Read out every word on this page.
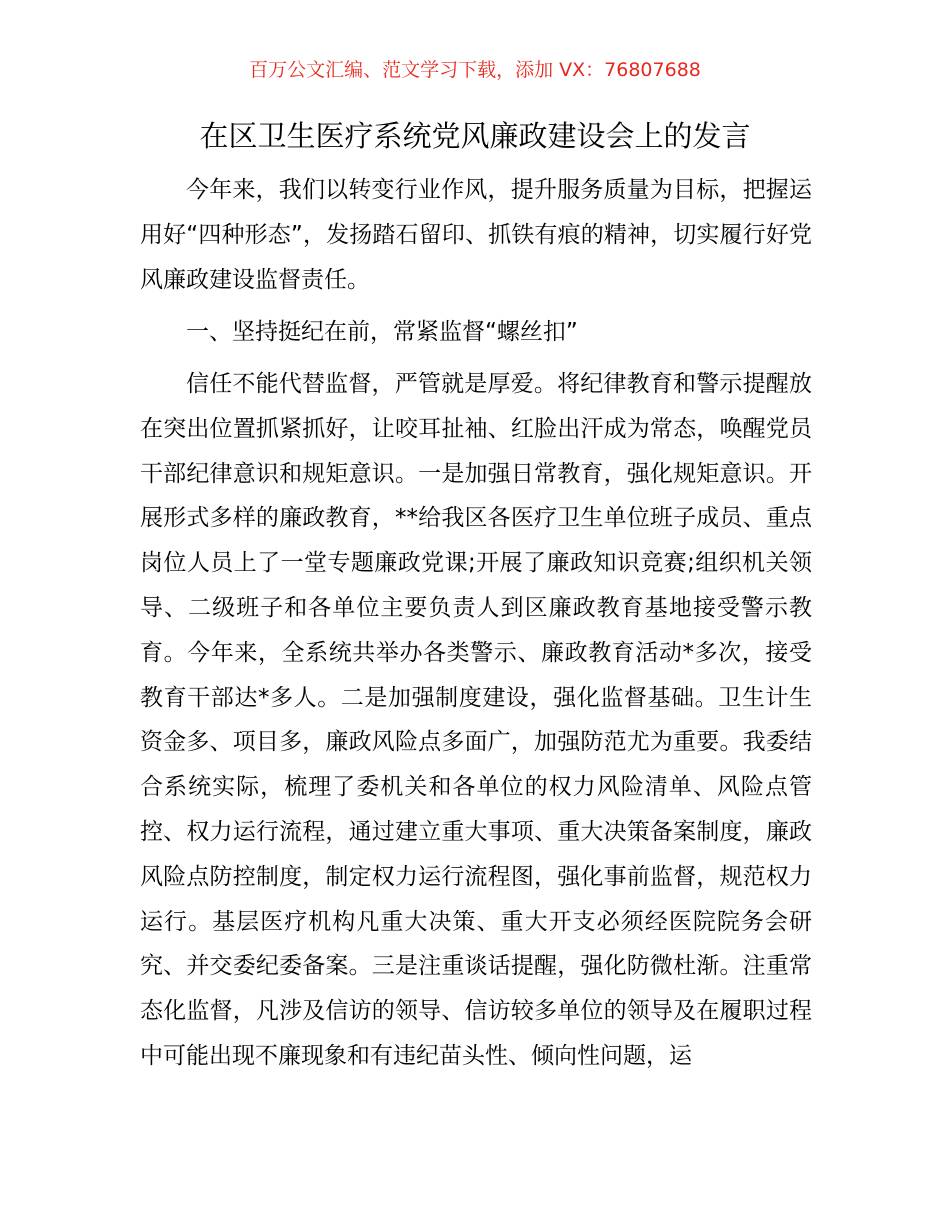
百万公文汇编、范文学习下载，添加 VX：76807688
在区卫生医疗系统党风廉政建设会上的发言

今年来，我们以转变行业作风，提升服务质量为目标，把握运用好“四种形态”，发扬踏石留印、抓铁有痕的精神，切实履行好党风廉政建设监督责任。

一、坚持挺纪在前，常紧监督“螺丝扣”

信任不能代替监督，严管就是厚爱。将纪律教育和警示提醒放在突出位置抓紧抓好，让咬耳扯袖、红脸出汗成为常态，唤醒党员干部纪律意识和规矩意识。一是加强日常教育，强化规矩意识。开展形式多样的廉政教育，**给我区各医疗卫生单位班子成员、重点岗位人员上了一堂专题廉政党课;开展了廉政知识竞赛;组织机关领导、二级班子和各单位主要负责人到区廉政教育基地接受警示教育。今年来，全系统共举办各类警示、廉政教育活动*多次，接受教育干部达*多人。二是加强制度建设，强化监督基础。卫生计生资金多、项目多，廉政风险点多面广，加强防范尤为重要。我委结合系统实际，梳理了委机关和各单位的权力风险清单、风险点管控、权力运行流程，通过建立重大事项、重大决策备案制度，廉政风险点防控制度，制定权力运行流程图，强化事前监督，规范权力运行。基层医疗机构凡重大决策、重大开支必须经医院院务会研究、并交委纪委备案。三是注重谈话提醒，强化防微杜渐。注重常态化监督，凡涉及信访的领导、信访较多单位的领导及在履职过程中可能出现不廉现象和有违纪苗头性、倾向性问题，运
